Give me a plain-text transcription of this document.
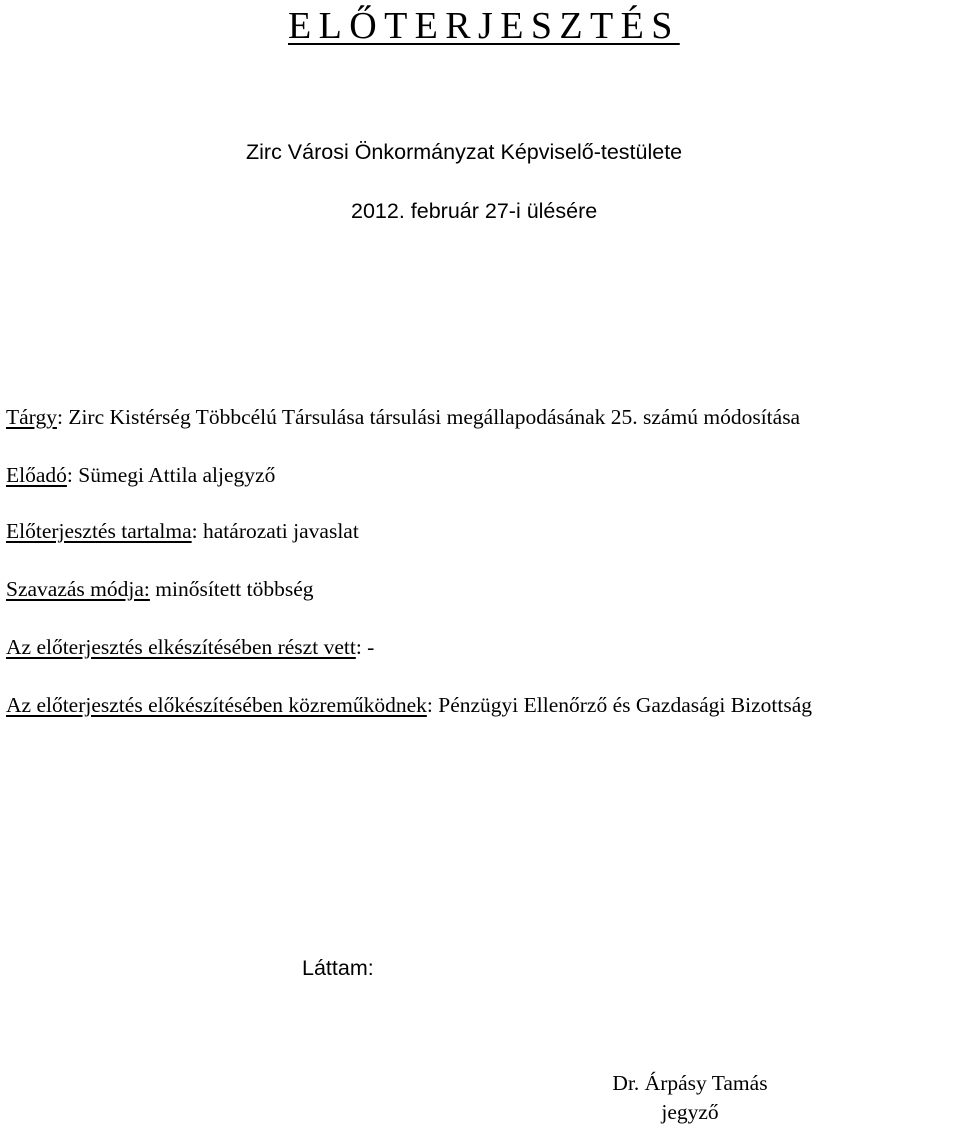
ELŐTERJESZTÉS
Zirc Városi Önkormányzat Képviselő-testülete
2012. február 27-i ülésére
Tárgy: Zirc Kistérség Többcélú Társulása társulási megállapodásának 25. számú módosítása
Előadó: Sümegi Attila aljegyző
Előterjesztés tartalma: határozati javaslat
Szavazás módja: minősített többség
Az előterjesztés elkészítésében részt vett: -
Az előterjesztés előkészítésében közreműködnek: Pénzügyi Ellenőrző és Gazdasági Bizottság
Láttam:
Dr. Árpásy Tamás
jegyző
